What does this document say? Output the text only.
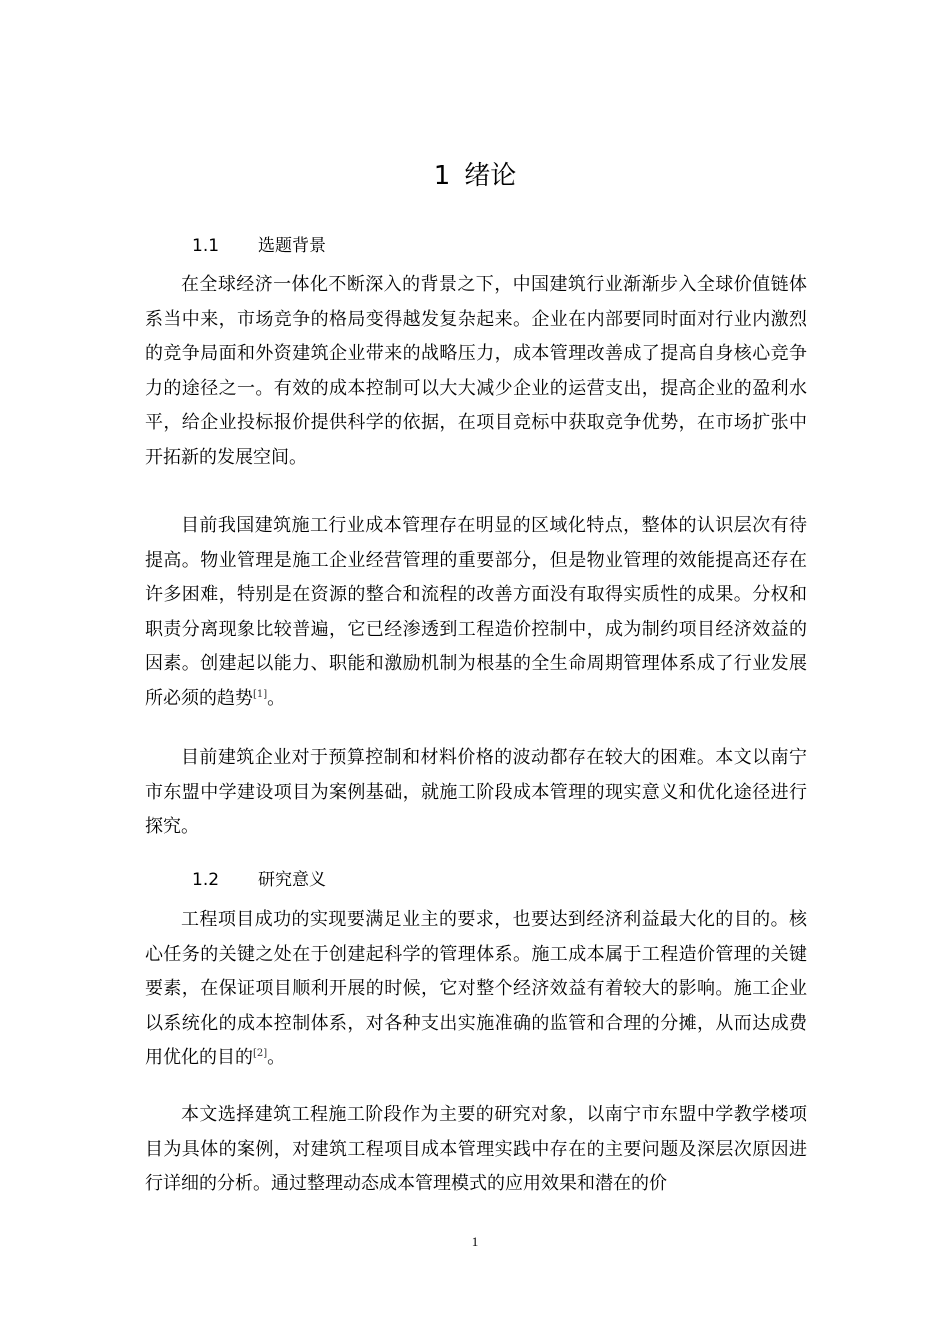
1 绪论
1.1 选题背景

在全球经济一体化不断深入的背景之下，中国建筑行业渐渐步入全球价值链体系当中来，市场竞争的格局变得越发复杂起来。企业在内部要同时面对行业内激烈的竞争局面和外资建筑企业带来的战略压力，成本管理改善成了提高自身核心竞争力的途径之一。有效的成本控制可以大大减少企业的运营支出，提高企业的盈利水平，给企业投标报价提供科学的依据，在项目竞标中获取竞争优势，在市场扩张中开拓新的发展空间。

目前我国建筑施工行业成本管理存在明显的区域化特点，整体的认识层次有待提高。物业管理是施工企业经营管理的重要部分，但是物业管理的效能提高还存在许多困难，特别是在资源的整合和流程的改善方面没有取得实质性的成果。分权和职责分离现象比较普遍，它已经渗透到工程造价控制中，成为制约项目经济效益的因素。创建起以能力、职能和激励机制为根基的全生命周期管理体系成了行业发展所必须的趋势[1]。

目前建筑企业对于预算控制和材料价格的波动都存在较大的困难。本文以南宁市东盟中学建设项目为案例基础，就施工阶段成本管理的现实意义和优化途径进行探究。

1.2 研究意义

工程项目成功的实现要满足业主的要求，也要达到经济利益最大化的目的。核心任务的关键之处在于创建起科学的管理体系。施工成本属于工程造价管理的关键要素，在保证项目顺利开展的时候，它对整个经济效益有着较大的影响。施工企业以系统化的成本控制体系，对各种支出实施准确的监管和合理的分摊，从而达成费用优化的目的[2]。

本文选择建筑工程施工阶段作为主要的研究对象，以南宁市东盟中学教学楼项目为具体的案例，对建筑工程项目成本管理实践中存在的主要问题及深层次原因进行详细的分析。通过整理动态成本管理模式的应用效果和潜在的价

1
